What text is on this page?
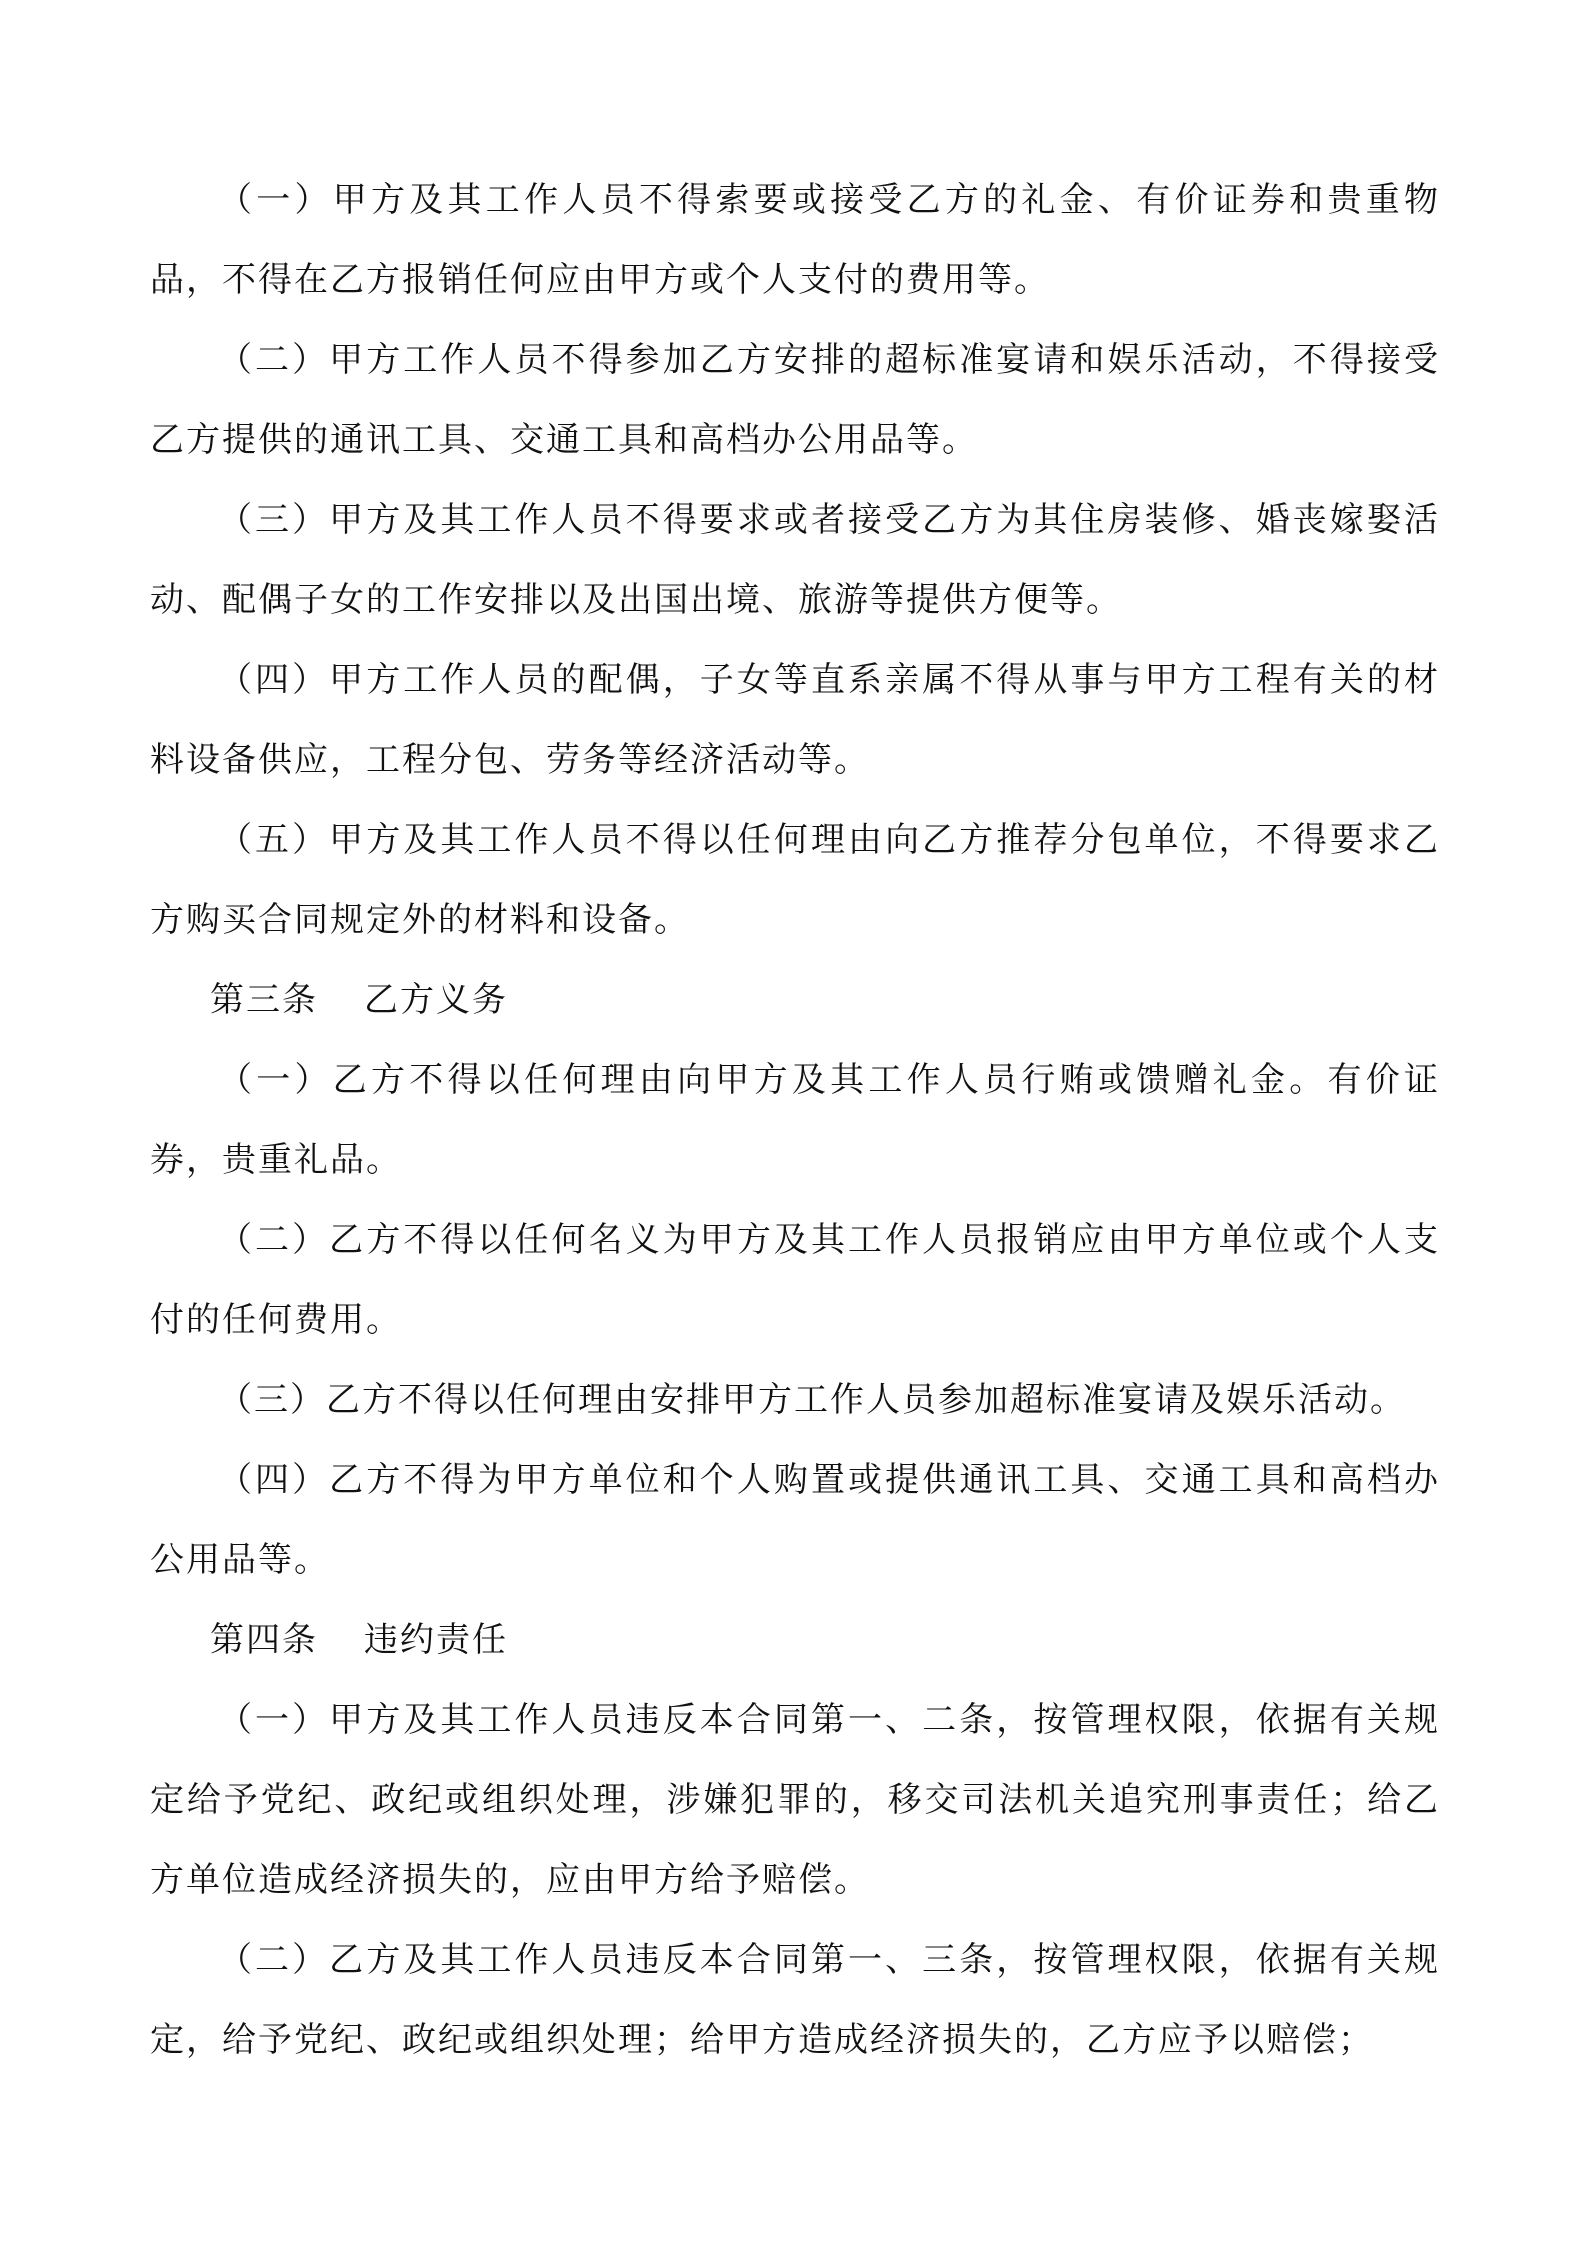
（一）甲方及其工作人员不得索要或接受乙方的礼金、有价证券和贵重物品，不得在乙方报销任何应由甲方或个人支付的费用等。

（二）甲方工作人员不得参加乙方安排的超标准宴请和娱乐活动，不得接受乙方提供的通讯工具、交通工具和高档办公用品等。

（三）甲方及其工作人员不得要求或者接受乙方为其住房装修、婚丧嫁娶活动、配偶子女的工作安排以及出国出境、旅游等提供方便等。

（四）甲方工作人员的配偶，子女等直系亲属不得从事与甲方工程有关的材料设备供应，工程分包、劳务等经济活动等。

（五）甲方及其工作人员不得以任何理由向乙方推荐分包单位，不得要求乙方购买合同规定外的材料和设备。

第三条 乙方义务

（一）乙方不得以任何理由向甲方及其工作人员行贿或馈赠礼金。有价证券，贵重礼品。

（二）乙方不得以任何名义为甲方及其工作人员报销应由甲方单位或个人支付的任何费用。

（三）乙方不得以任何理由安排甲方工作人员参加超标准宴请及娱乐活动。

（四）乙方不得为甲方单位和个人购置或提供通讯工具、交通工具和高档办公用品等。

第四条 违约责任

（一）甲方及其工作人员违反本合同第一、二条，按管理权限，依据有关规定给予党纪、政纪或组织处理，涉嫌犯罪的，移交司法机关追究刑事责任；给乙方单位造成经济损失的，应由甲方给予赔偿。

（二）乙方及其工作人员违反本合同第一、三条，按管理权限，依据有关规定，给予党纪、政纪或组织处理；给甲方造成经济损失的，乙方应予以赔偿；
